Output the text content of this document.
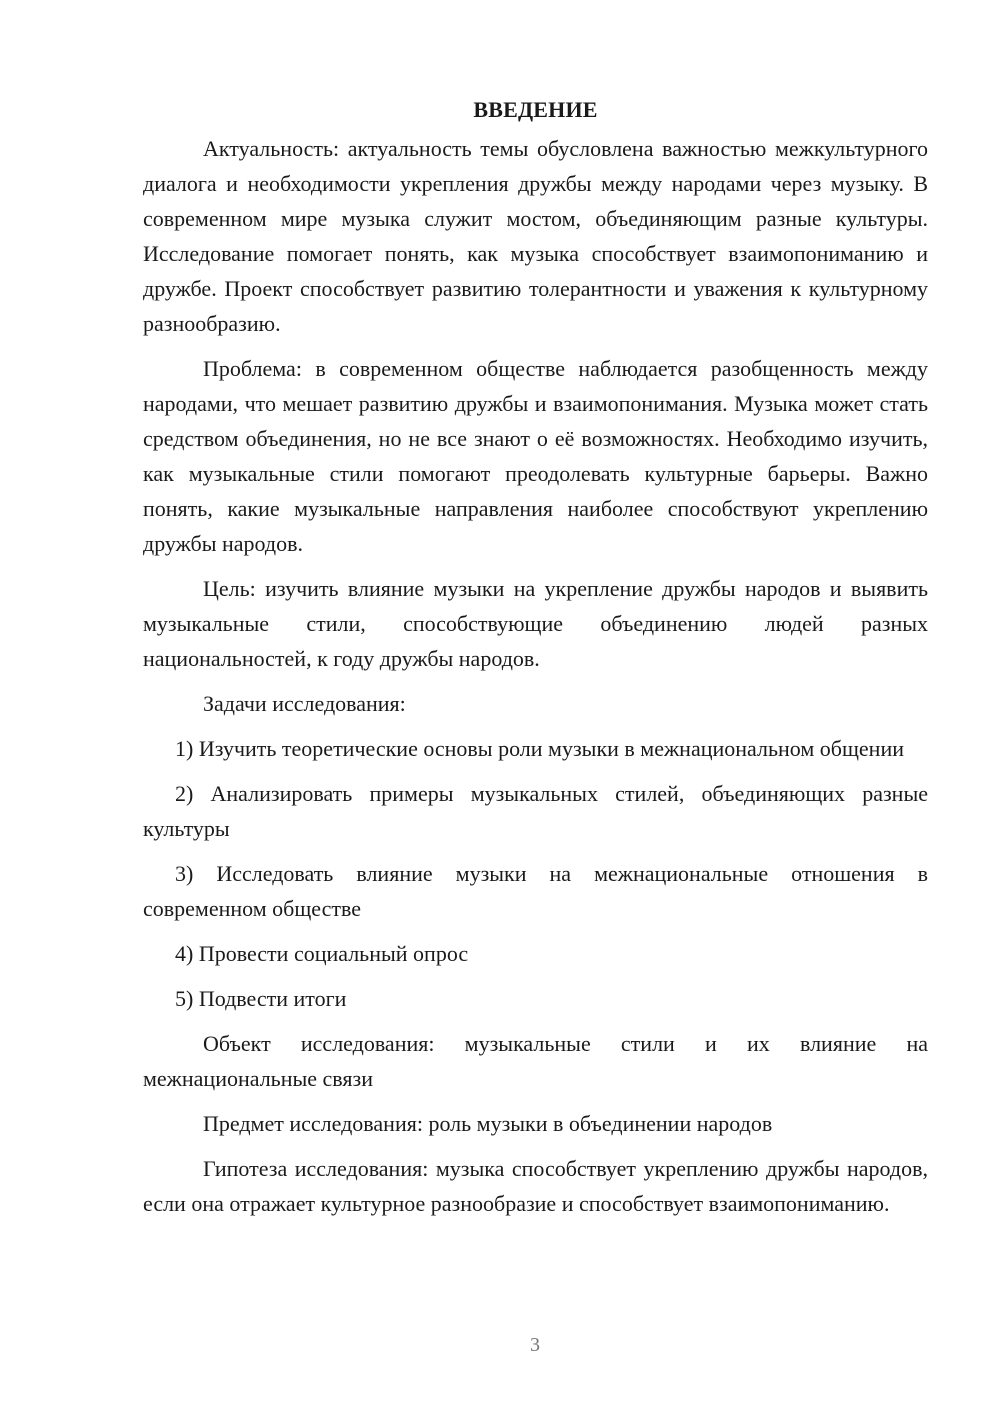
ВВЕДЕНИЕ

Актуальность: актуальность темы обусловлена важностью межкультурного диалога и необходимости укрепления дружбы между народами через музыку. В современном мире музыка служит мостом, объединяющим разные культуры. Исследование помогает понять, как музыка способствует взаимопониманию и дружбе. Проект способствует развитию толерантности и уважения к культурному разнообразию.

Проблема: в современном обществе наблюдается разобщенность между народами, что мешает развитию дружбы и взаимопонимания. Музыка может стать средством объединения, но не все знают о её возможностях. Необходимо изучить, как музыкальные стили помогают преодолевать культурные барьеры. Важно понять, какие музыкальные направления наиболее способствуют укреплению дружбы народов.

Цель: изучить влияние музыки на укрепление дружбы народов и выявить музыкальные стили, способствующие объединению людей разных национальностей, к году дружбы народов.

Задачи исследования:

1) Изучить теоретические основы роли музыки в межнациональном общении

2) Анализировать примеры музыкальных стилей, объединяющих разные культуры

3) Исследовать влияние музыки на межнациональные отношения в современном обществе

4) Провести социальный опрос

5) Подвести итоги

Объект исследования: музыкальные стили и их влияние на межнациональные связи

Предмет исследования: роль музыки в объединении народов

Гипотеза исследования: музыка способствует укреплению дружбы народов, если она отражает культурное разнообразие и способствует взаимопониманию.

3
